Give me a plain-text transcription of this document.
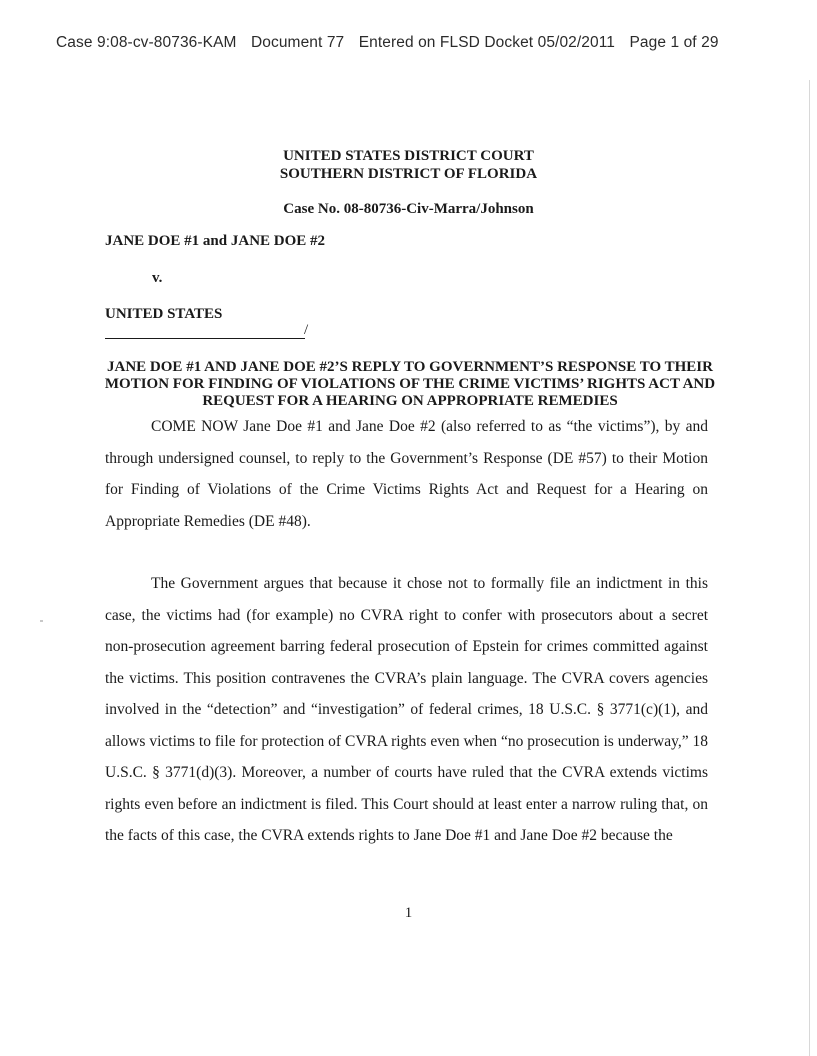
Case 9:08-cv-80736-KAM Document 77 Entered on FLSD Docket 05/02/2011 Page 1 of 29
UNITED STATES DISTRICT COURT
SOUTHERN DISTRICT OF FLORIDA
Case No. 08-80736-Civ-Marra/Johnson
JANE DOE #1 and JANE DOE #2
v.
UNITED STATES
/
JANE DOE #1 AND JANE DOE #2’S REPLY TO GOVERNMENT’S RESPONSE TO THEIR MOTION FOR FINDING OF VIOLATIONS OF THE CRIME VICTIMS’ RIGHTS ACT AND REQUEST FOR A HEARING ON APPROPRIATE REMEDIES

COME NOW Jane Doe #1 and Jane Doe #2 (also referred to as “the victims”), by and through undersigned counsel, to reply to the Government’s Response (DE #57) to their Motion for Finding of Violations of the Crime Victims Rights Act and Request for a Hearing on Appropriate Remedies (DE #48).

The Government argues that because it chose not to formally file an indictment in this case, the victims had (for example) no CVRA right to confer with prosecutors about a secret non-prosecution agreement barring federal prosecution of Epstein for crimes committed against the victims. This position contravenes the CVRA’s plain language. The CVRA covers agencies involved in the “detection” and “investigation” of federal crimes, 18 U.S.C. § 3771(c)(1), and allows victims to file for protection of CVRA rights even when “no prosecution is underway,” 18 U.S.C. § 3771(d)(3). Moreover, a number of courts have ruled that the CVRA extends victims rights even before an indictment is filed. This Court should at least enter a narrow ruling that, on the facts of this case, the CVRA extends rights to Jane Doe #1 and Jane Doe #2 because the

1
